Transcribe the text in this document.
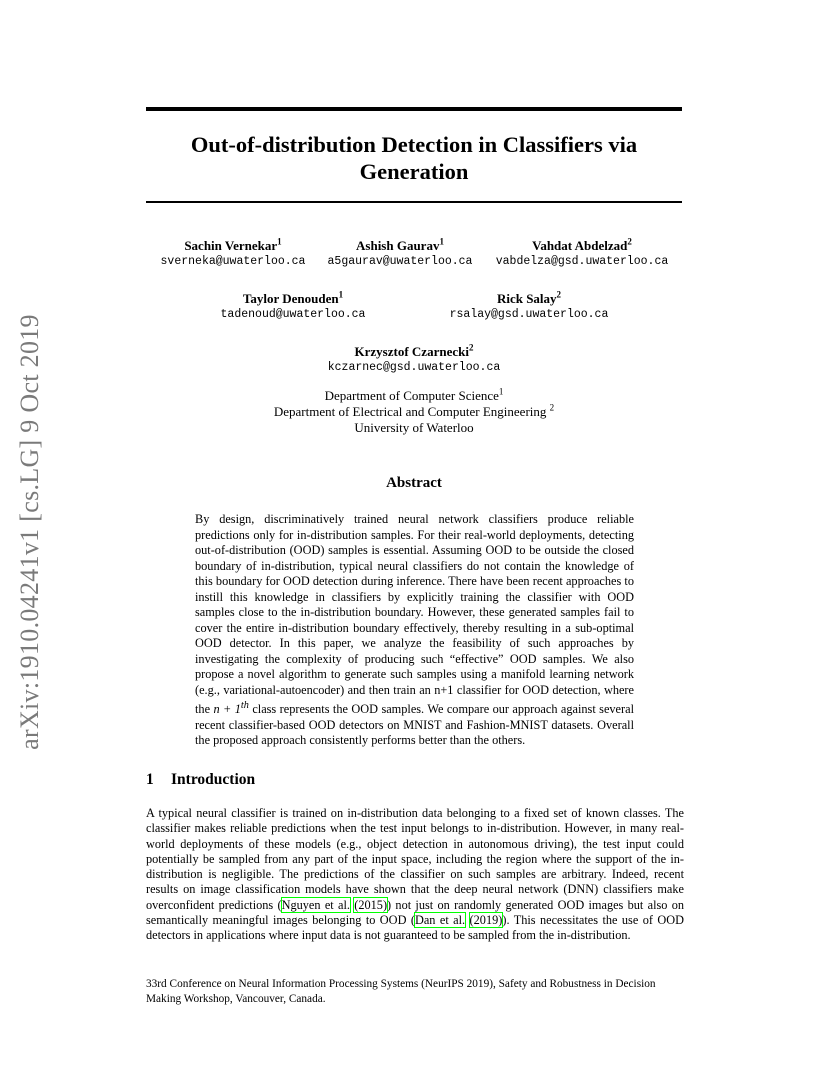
arXiv:1910.04241v1 [cs.LG] 9 Oct 2019
Out-of-distribution Detection in Classifiers via Generation
Sachin Vernekar$^1$
sverneka@uwaterloo.ca
Ashish Gaurav$^1$
a5gaurav@uwaterloo.ca
Vahdat Abdelzad$^2$
vabdelza@gsd.uwaterloo.ca
Taylor Denouden$^1$
tadenoud@uwaterloo.ca
Rick Salay$^2$
rsalay@gsd.uwaterloo.ca
Krzysztof Czarnecki$^2$
kczarnec@gsd.uwaterloo.ca
Department of Computer Science$^1$
Department of Electrical and Computer Engineering $^2$
University of Waterloo
Abstract

By design, discriminatively trained neural network classifiers produce reliable predictions only for in-distribution samples. For their real-world deployments, detecting out-of-distribution (OOD) samples is essential. Assuming OOD to be outside the closed boundary of in-distribution, typical neural classifiers do not contain the knowledge of this boundary for OOD detection during inference. There have been recent approaches to instill this knowledge in classifiers by explicitly training the classifier with OOD samples close to the in-distribution boundary. However, these generated samples fail to cover the entire in-distribution boundary effectively, thereby resulting in a sub-optimal OOD detector. In this paper, we analyze the feasibility of such approaches by investigating the complexity of producing such “effective” OOD samples. We also propose a novel algorithm to generate such samples using a manifold learning network (e.g., variational-autoencoder) and then train an n+1 classifier for OOD detection, where the n + 1th class represents the OOD samples. We compare our approach against several recent classifier-based OOD detectors on MNIST and Fashion-MNIST datasets. Overall the proposed approach consistently performs better than the others.

1 Introduction

A typical neural classifier is trained on in-distribution data belonging to a fixed set of known classes. The classifier makes reliable predictions when the test input belongs to in-distribution. However, in many real-world deployments of these models (e.g., object detection in autonomous driving), the test input could potentially be sampled from any part of the input space, including the region where the support of the in-distribution is negligible. The predictions of the classifier on such samples are arbitrary. Indeed, recent results on image classification models have shown that the deep neural network (DNN) classifiers make overconfident predictions (Nguyen et al. (2015)) not just on randomly generated OOD images but also on semantically meaningful images belonging to OOD (Dan et al. (2019)). This necessitates the use of OOD detectors in applications where input data is not guaranteed to be sampled from the in-distribution.

33rd Conference on Neural Information Processing Systems (NeurIPS 2019), Safety and Robustness in Decision

Making Workshop, Vancouver, Canada.
